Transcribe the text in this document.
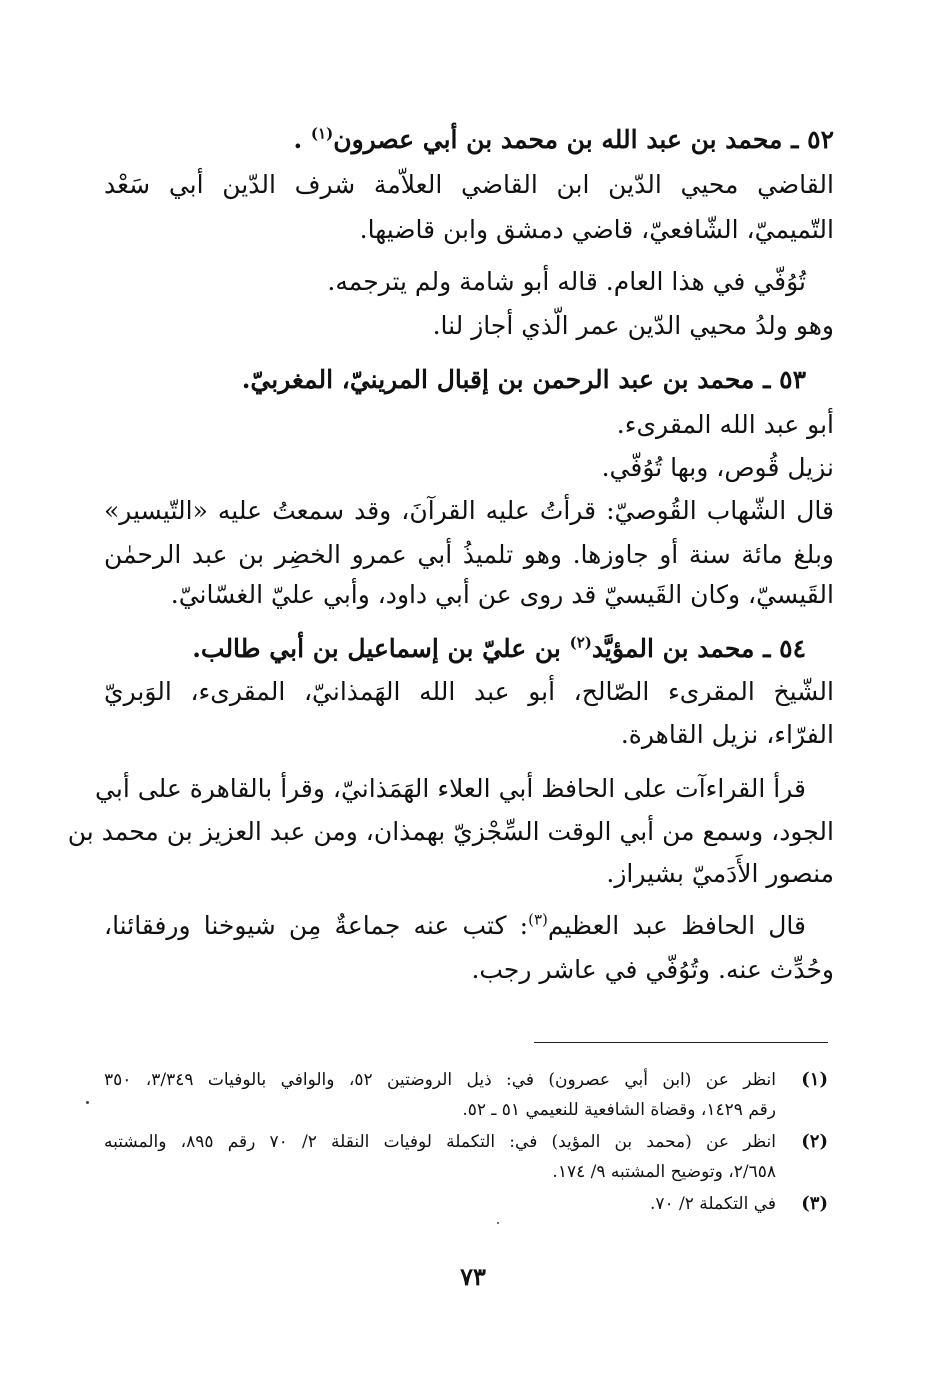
٥٢ ـ محمد بن عبد الله بن محمد بن أبي عصرون$^{(١)}$ .
القاضي محيي الدّين ابن القاضي العلاّمة شرف الدّين أبي سَعْد
التّميميّ، الشّافعيّ، قاضي دمشق وابن قاضيها.
تُوُفّي في هذا العام. قاله أبو شامة ولم يترجمه.
وهو ولدُ محيي الدّين عمر الّذي أجاز لنا.
٥٣ ـ محمد بن عبد الرحمن بن إقبال المرينيّ، المغربيّ.
أبو عبد الله المقرىء.
نزيل قُوص، وبها تُوُفّي.
قال الشّهاب القُوصيّ: قرأتُ عليه القرآنَ، وقد سمعتُ عليه «التّيسير»
وبلغ مائة سنة أو جاوزها. وهو تلميذُ أبي عمرو الخضِر بن عبد الرحمٰن
القَيسيّ، وكان القَيسيّ قد روى عن أبي داود، وأبي عليّ الغسّانيّ.
٥٤ ـ محمد بن المؤيَّد$^{(٢)}$ بن عليّ بن إسماعيل بن أبي طالب.
الشّيخ المقرىء الصّالح، أبو عبد الله الهَمذانيّ، المقرىء، الوَبريّ
الفرّاء، نزيل القاهرة.
قرأ القراءآت على الحافظ أبي العلاء الهَمَذانيّ، وقرأ بالقاهرة على أبي
الجود، وسمع من أبي الوقت السِّجْزيّ بهمذان، ومن عبد العزيز بن محمد بن
منصور الأَدَميّ بشيراز.
قال الحافظ عبد العظيم$^{(٣)}$: كتب عنه جماعةٌ مِن شيوخنا ورفقائنا،
وحُدِّث عنه. وتُوُفّي في عاشر رجب.
(١)
انظر عن (ابن أبي عصرون) في: ذيل الروضتين ٥٢، والوافي بالوفيات ٣/٣٤٩، ٣٥٠
رقم ١٤٢٩، وقضاة الشافعية للنعيمي ٥١ ـ ٥٢.
(٢)
انظر عن (محمد بن المؤيد) في: التكملة لوفيات النقلة ٢/ ٧٠ رقم ٨٩٥، والمشتبه
٢/٦٥٨، وتوضيح المشتبه ٩/ ١٧٤.
(٣)
في التكملة ٢/ ٧٠.
٧٣
